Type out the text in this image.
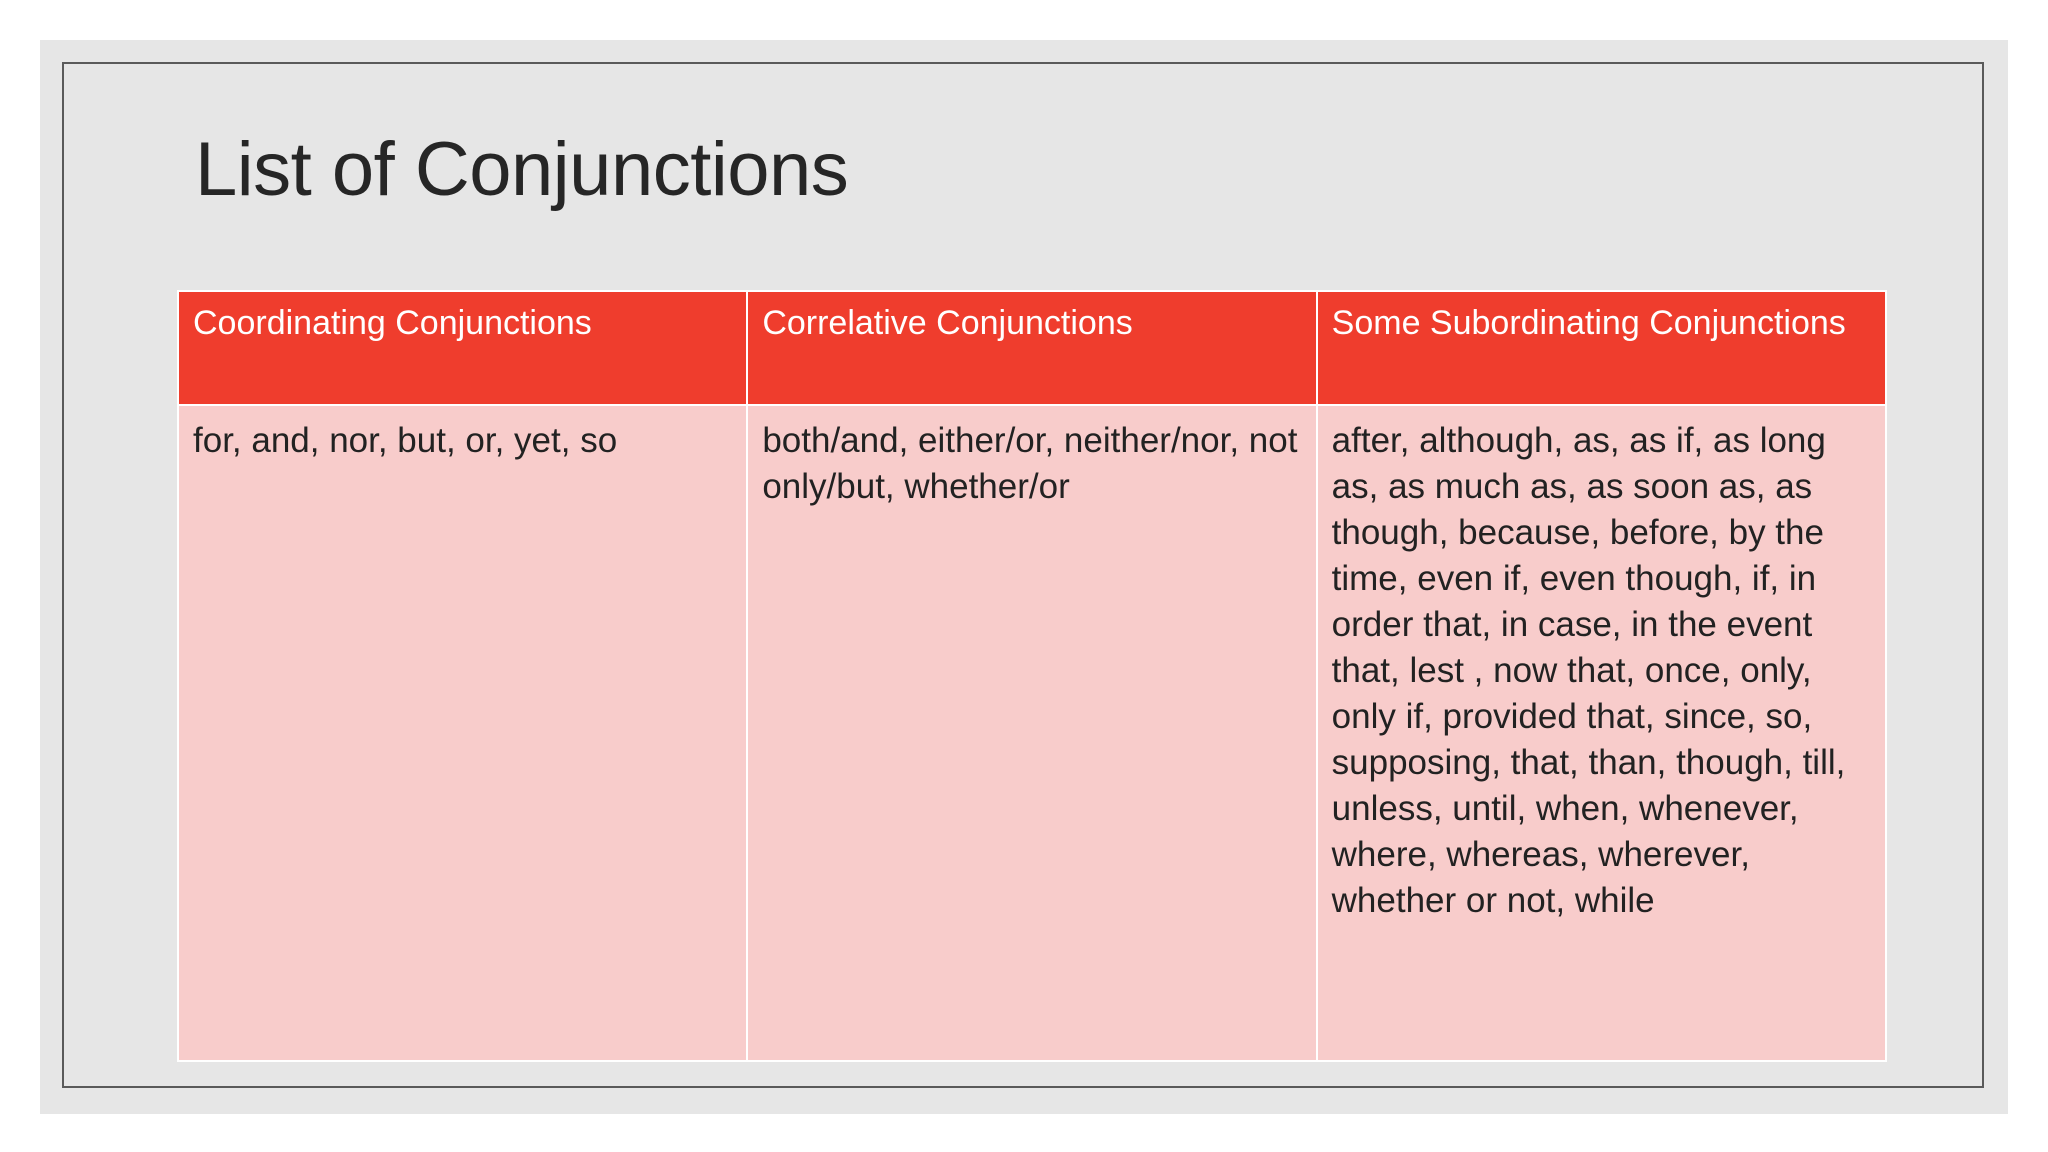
List of Conjunctions
Coordinating Conjunctions	Correlative Conjunctions	Some Subordinating Conjunctions
for, and, nor, but, or, yet, so	both/and, either/or, neither/nor, not only/but, whether/or	after, although, as, as if, as long as, as much as, as soon as, as though, because, before, by the time, even if, even though, if, in order that, in case, in the event that, lest , now that, once, only, only if, provided that, since, so, supposing, that, than, though, till, unless, until, when, whenever, where, whereas, wherever, whether or not, while
